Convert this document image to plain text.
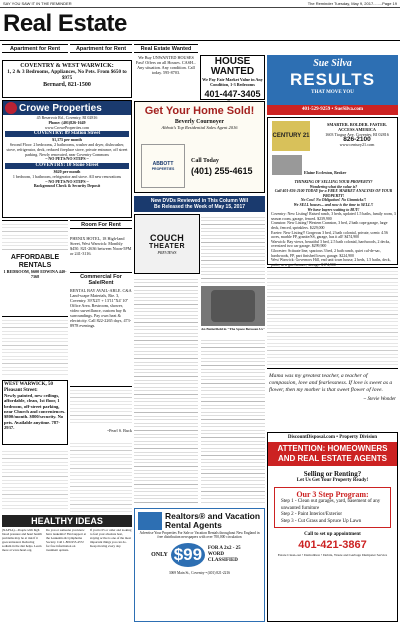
SAY YOU SAW IT IN THE REMINDER	The Reminder Tuesday, May 9, 2017........Page 19
Real Estate
Apartment for Rent	Apartment for Rent	Real Estate Wanted
We Buy UNWANTED HOUSES Fast! Offers on all Houses. CASH... Any situation. Any condition. Call today. 595-8703.
COVENTRY & WEST WARWICK:
1, 2 & 3 Bedrooms, Appliances, No Pets. From $650 to $975
Bernard, 821-1500
HOUSE WANTED
We Pay Fair Market Value in Any Condition, 1-3 Bedrooms
401-447-3405
Sue Silva
RESULTS
THAT MOVE YOU
401-529-9259 • SueSilva.com
Crowe Properties
45 Reservoir Rd., Coventry, RI 02816
Phone: (401)826-1649
www.CroweProperties.com
COVENTRY: 89 Station Street
$1,175 per month
Second Floor: 2 bedrooms, 2 bathrooms, washer and dryer, dishwasher, stove, refrigerator, deck, reduced fireplace stove, private entrance, off street parking. Newly renovated, near Coventry Commons
~ NO PETS/NO STEPS ~
COVENTRY: 10 Stone Street
$620 per month
1 bedroom, 1 bathroom, refrigerator and stove. All new renovations
~ NO PETS/NO STEPS ~
Background Check & Security Deposit
Get Your Home Sold!
Beverly Cournoyer
Abbott's Top Residential Sales Agent 2016
ABBOTT
PROPERTIES
Call Today
(401) 255-4615
CENTURY 21
SMARTER. BOLDER. FASTER.
ACCESS AMERICA
1603 Tiogue Ave. Coventry, RI 02816
826-2100
www.century21.com
Elaine Eccleston, Broker
THINKING OF SELLING YOUR PROPERTY?
Wondering what the value is?
Call 401-826-2100 TODAY for a FREE MARKET ANALYSIS OF YOUR PROPERTY!
No Cost! No Obligation! No Gimmicks!!
We SELL houses... and now is the time to SELL!!
We have buyers waiting to BUY!
Coventry: New Listing! Raised ranch, 3 beds, updated 1.5 baths, family room, 3 season room, garage, fenced. $239,900
Cranston: New Listing! Western Cranston, 3 bed, 2 bath cape garage, large deck, fenced, sprinklers. $229,000
Exeter: New Listing!! Gorgeous 3 bed, 2 bath colonial, private, scenic 4.56 acres, marble FP, granite/SS, garage, has it all! $474,900
Warwick: Bay views, beautiful 3 bed, 2.5 bath colonial, hardwoods, 2 decks, oversized two car garage. $299,900
Glocester: Scituate line, spacious 3 bed, 2 bath ranch, quiet cul-de-sac, hardwoods, FP, part finished lower, garage. $224,900
West Warwick: Governors Hill, end unit town house, 2 beds, 1.5 baths, deck, patio, new gas furnace, storage. $174,900
New DVDs Reviewed in This Column Will
Be Released the Week of May 15, 2017
COUCH
THEATER
PREVIEWS
An Butterfield in "The Space Between Us"
AFFORDABLE RENTALS
1 BEDROOM, $600 EDWINA 440-7368
WEST WARWICK, 50 Pleasant Street:
Newly painted, new ceilings, affordable, clean, 1st floor, 1 bedroom, off-street parking, near Church and conveniences. $800/month. $800/security. No pets. Available anytime. 787-2937.
Room For Rent
PHENIX HOTEL, 18 High-land Street, West Warwick: Monthly $450. 821-2636 between Noon-5PM or 241-3116.
Commercial For Sale/Rent
RENTAL BAY AVAIL-ABLE. C&A Land-scape Materials, Rte. 3, Coventry. 39'X25' + 13'11"X4' 10" Office Area. Restroom, shower, video surveillance, custom bay & surroundings. Pay own heat & electricity. Call 822-2265 days, 473-8978 evenings.
~Pearl S. Buck
Mama was my greatest teacher, a teacher of compassion, love and fearlessness. If love is sweet as a flower, then my mother is that sweet flower of love.
~ Stevie Wonder
DiscountDisposal.com • Property Division
ATTENTION: HOMEOWNERS AND REAL ESTATE AGENTS
Selling or Renting?
Let Us Get Your Property Ready!
Our 3 Step Program:
Step 1 - Clean out garages, yard, basement of any unwanted furniture
Step 2 - Paint Interior/Exterior
Step 3 - Cut Grass and Spruce Up Lawn
Call to set up appointment
401-421-3867
Estate Clean-out • Demolition • Debris, Waste and Garbage Dumpster Service
Realtors® and Vacation Rental Agents
Advertise Your Properties For Sale or Vacation Rentals throughout New England in free distribution newspapers with over 700,000 circulation
ONLY $99	FOR A 2x2 - 25 WORD CLASSIFIED
3069 Main St., Coventry • (401) 821-2216
HEALTHY IDEAS
(NAPSA)—People with high blood pressure and heart health problems may be at risk if it goes untreated. Reducing sodium in the diet helps. Learn more at www.heart.org.
Do you or someone you know have leukemia? Find support at the Leukemia & Lymphoma Society. Call 1-800-955-4572 for free information on treatment options.
If you're 65 or older and looking to feel your absolute best, staying active is one of the most important things you can do. Keep moving every day.
